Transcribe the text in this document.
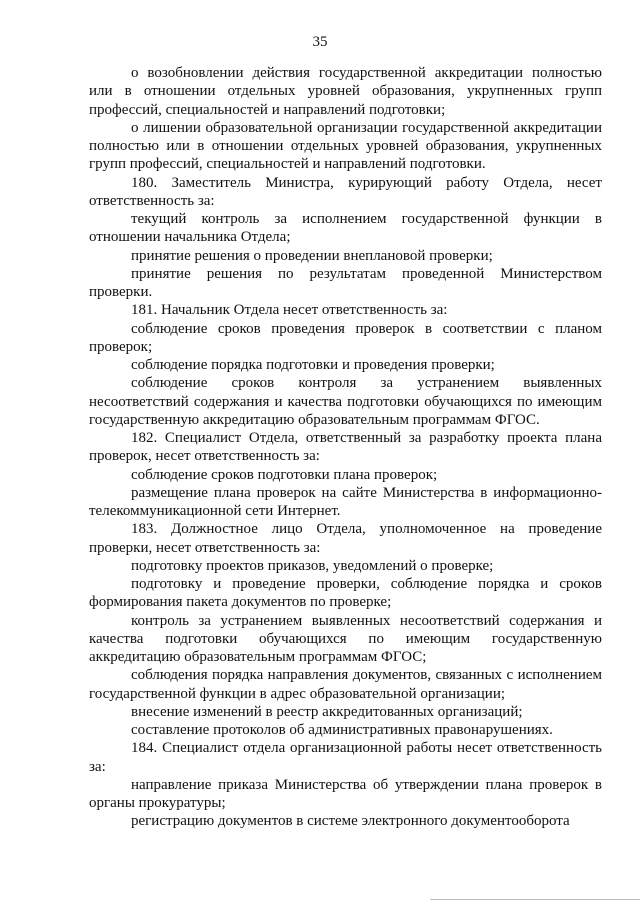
35

о возобновлении действия государственной аккредитации полностью или в отношении отдельных уровней образования, укрупненных групп профессий, специальностей и направлений подготовки;

о лишении образовательной организации государственной аккредитации полностью или в отношении отдельных уровней образования, укрупненных групп профессий, специальностей и направлений подготовки.

180. Заместитель Министра, курирующий работу Отдела, несет ответственность за:

текущий контроль за исполнением государственной функции в отношении начальника Отдела;

принятие решения о проведении внеплановой проверки;

принятие решения по результатам проведенной Министерством проверки.

181. Начальник Отдела несет ответственность за:

соблюдение сроков проведения проверок в соответствии с планом проверок;

соблюдение порядка подготовки и проведения проверки;

соблюдение сроков контроля за устранением выявленных несоответствий содержания и качества подготовки обучающихся по имеющим государственную аккредитацию образовательным программам ФГОС.

182. Специалист Отдела, ответственный за разработку проекта плана проверок, несет ответственность за:

соблюдение сроков подготовки плана проверок;

размещение плана проверок на сайте Министерства в информационно-телекоммуникационной сети Интернет.

183. Должностное лицо Отдела, уполномоченное на проведение проверки, несет ответственность за:

подготовку проектов приказов, уведомлений о проверке;

подготовку и проведение проверки, соблюдение порядка и сроков формирования пакета документов по проверке;

контроль за устранением выявленных несоответствий содержания и качества подготовки обучающихся по имеющим государственную аккредитацию образовательным программам ФГОС;

соблюдения порядка направления документов, связанных с исполнением государственной функции в адрес образовательной организации;

внесение изменений в реестр аккредитованных организаций;

составление протоколов об административных правонарушениях.

184. Специалист отдела организационной работы несет ответственность за:

направление приказа Министерства об утверждении плана проверок в органы прокуратуры;

регистрацию документов в системе электронного документооборота
